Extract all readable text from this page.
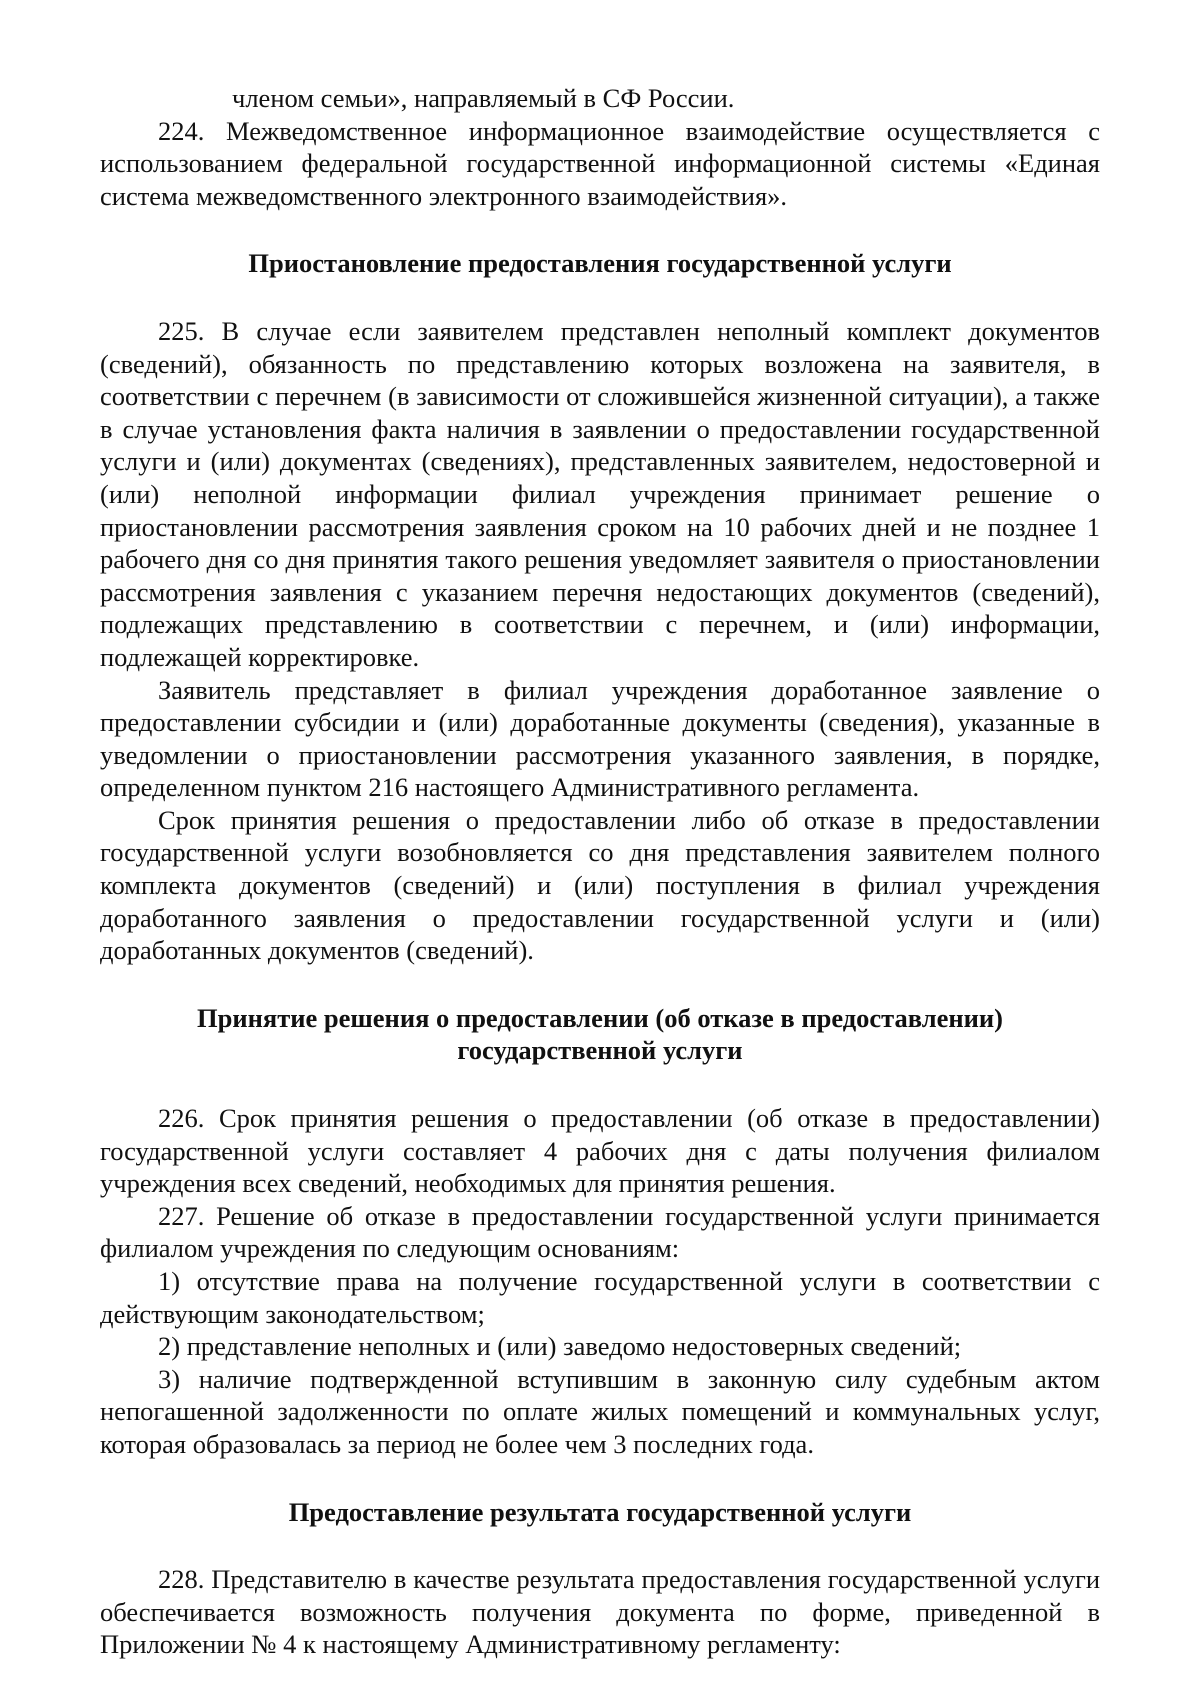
членом семьи», направляемый в СФ России.

224. Межведомственное информационное взаимодействие осуществляется с использованием федеральной государственной информационной системы «Единая система межведомственного электронного взаимодействия».

Приостановление предоставления государственной услуги

225. В случае если заявителем представлен неполный комплект документов (сведений), обязанность по представлению которых возложена на заявителя, в соответствии с перечнем (в зависимости от сложившейся жизненной ситуации), а также в случае установления факта наличия в заявлении о предоставлении государственной услуги и (или) документах (сведениях), представленных заявителем, недостоверной и (или) неполной информации филиал учреждения принимает решение о приостановлении рассмотрения заявления сроком на 10 рабочих дней и не позднее 1 рабочего дня со дня принятия такого решения уведомляет заявителя о приостановлении рассмотрения заявления с указанием перечня недостающих документов (сведений), подлежащих представлению в соответствии с перечнем, и (или) информации, подлежащей корректировке.

Заявитель представляет в филиал учреждения доработанное заявление о предоставлении субсидии и (или) доработанные документы (сведения), указанные в уведомлении о приостановлении рассмотрения указанного заявления, в порядке, определенном пунктом 216 настоящего Административного регламента.

Срок принятия решения о предоставлении либо об отказе в предоставлении государственной услуги возобновляется со дня представления заявителем полного комплекта документов (сведений) и (или) поступления в филиал учреждения доработанного заявления о предоставлении государственной услуги и (или) доработанных документов (сведений).

Принятие решения о предоставлении (об отказе в предоставлении)
государственной услуги

226. Срок принятия решения о предоставлении (об отказе в предоставлении) государственной услуги составляет 4 рабочих дня с даты получения филиалом учреждения всех сведений, необходимых для принятия решения.

227. Решение об отказе в предоставлении государственной услуги принимается филиалом учреждения по следующим основаниям:

1) отсутствие права на получение государственной услуги в соответствии с действующим законодательством;

2) представление неполных и (или) заведомо недостоверных сведений;

3) наличие подтвержденной вступившим в законную силу судебным актом непогашенной задолженности по оплате жилых помещений и коммунальных услуг, которая образовалась за период не более чем 3 последних года.

Предоставление результата государственной услуги

228. Представителю в качестве результата предоставления государственной услуги обеспечивается возможность получения документа по форме, приведенной в Приложении № 4 к настоящему Административному регламенту:
